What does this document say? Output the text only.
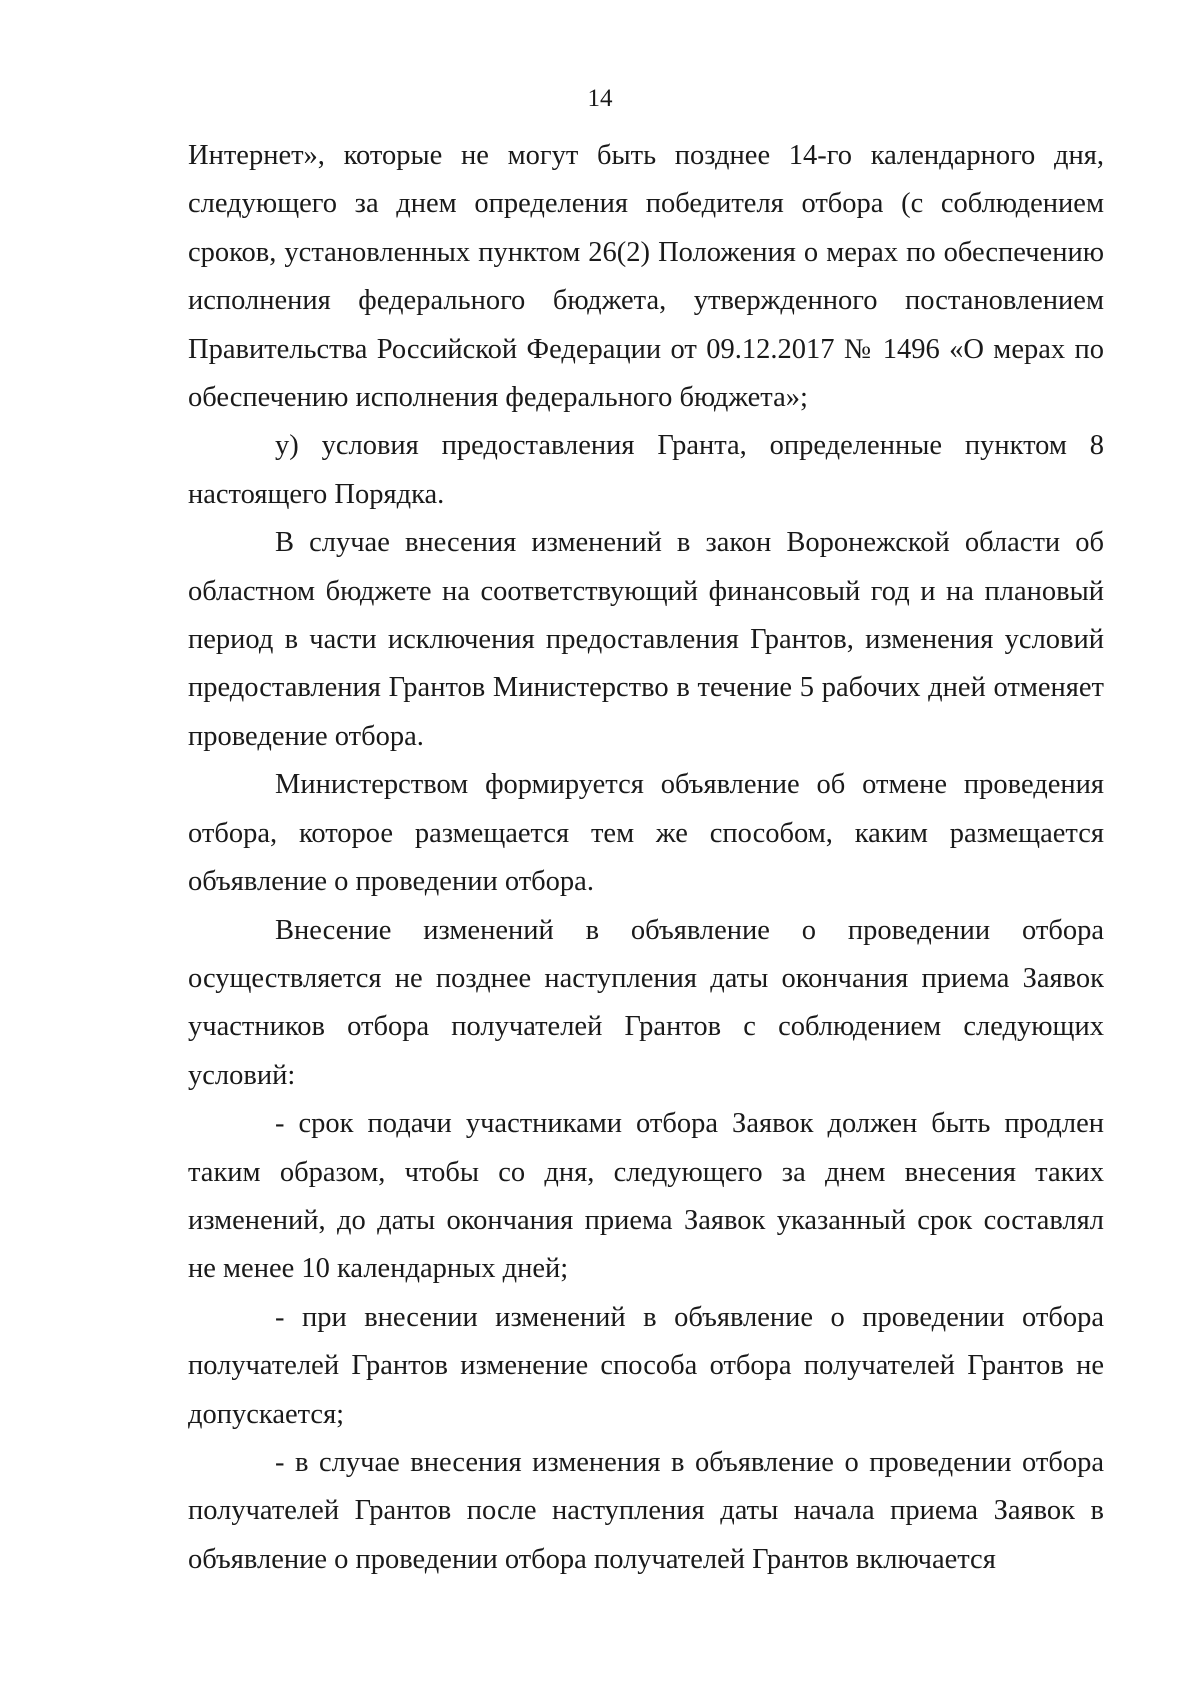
14

Интернет», которые не могут быть позднее 14-го календарного дня, следующего за днем определения победителя отбора (с соблюдением сроков, установленных пунктом 26(2) Положения о мерах по обеспечению исполнения федерального бюджета, утвержденного постановлением Правительства Российской Федерации от 09.12.2017 № 1496 «О мерах по обеспечению исполнения федерального бюджета»;

у) условия предоставления Гранта, определенные пунктом 8 настоящего Порядка.

В случае внесения изменений в закон Воронежской области об областном бюджете на соответствующий финансовый год и на плановый период в части исключения предоставления Грантов, изменения условий предоставления Грантов Министерство в течение 5 рабочих дней отменяет проведение отбора.

Министерством формируется объявление об отмене проведения отбора, которое размещается тем же способом, каким размещается объявление о проведении отбора.

Внесение изменений в объявление о проведении отбора осуществляется не позднее наступления даты окончания приема Заявок участников отбора получателей Грантов с соблюдением следующих условий:

- срок подачи участниками отбора Заявок должен быть продлен таким образом, чтобы со дня, следующего за днем внесения таких изменений, до даты окончания приема Заявок указанный срок составлял не менее 10 календарных дней;

- при внесении изменений в объявление о проведении отбора получателей Грантов изменение способа отбора получателей Грантов не допускается;

- в случае внесения изменения в объявление о проведении отбора получателей Грантов после наступления даты начала приема Заявок в объявление о проведении отбора получателей Грантов включается
